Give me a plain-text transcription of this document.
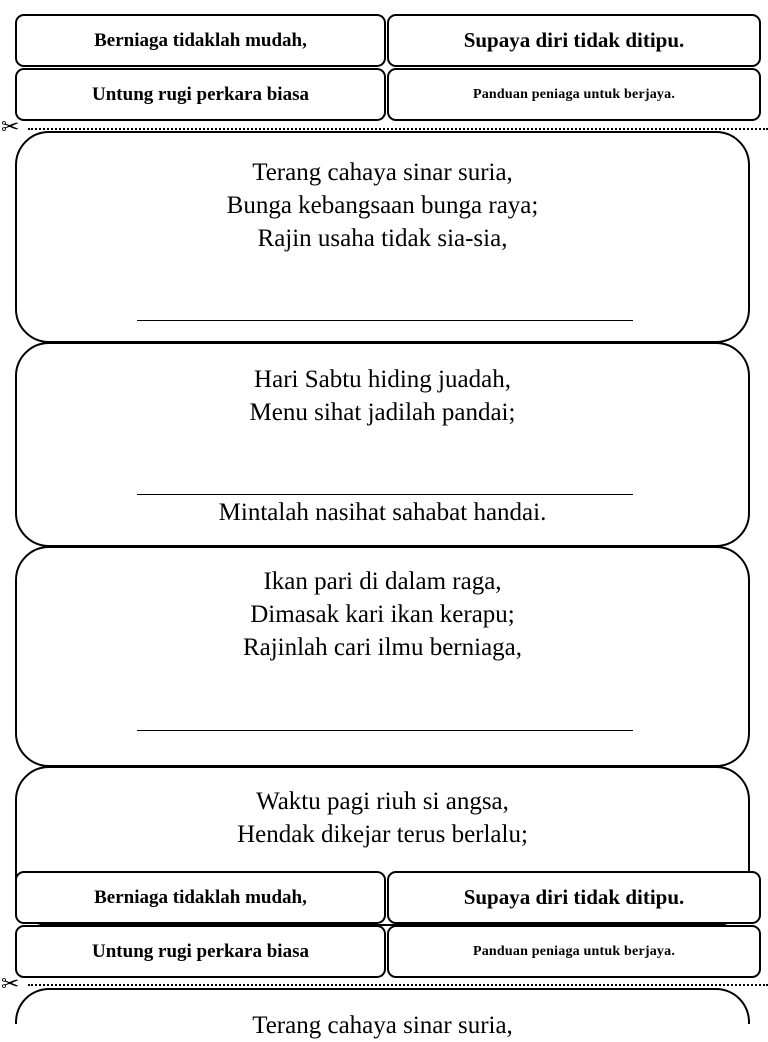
Berniaga tidaklah mudah,	Supaya diri tidak ditipu.
Untung rugi perkara biasa	Panduan peniaga untuk berjaya.
✂
Terang cahaya sinar suria,
Bunga kebangsaan bunga raya;
Rajin usaha tidak sia-sia,
Hari Sabtu hiding juadah,
Menu sihat jadilah pandai;
Mintalah nasihat sahabat handai.
Ikan pari di dalam raga,
Dimasak kari ikan kerapu;
Rajinlah cari ilmu berniaga,
Waktu pagi riuh si angsa,
Hendak dikejar terus berlalu;
Berniaga tidaklah mudah,	Supaya diri tidak ditipu.
Untung rugi perkara biasa	Panduan peniaga untuk berjaya.
✂
Terang cahaya sinar suria,
